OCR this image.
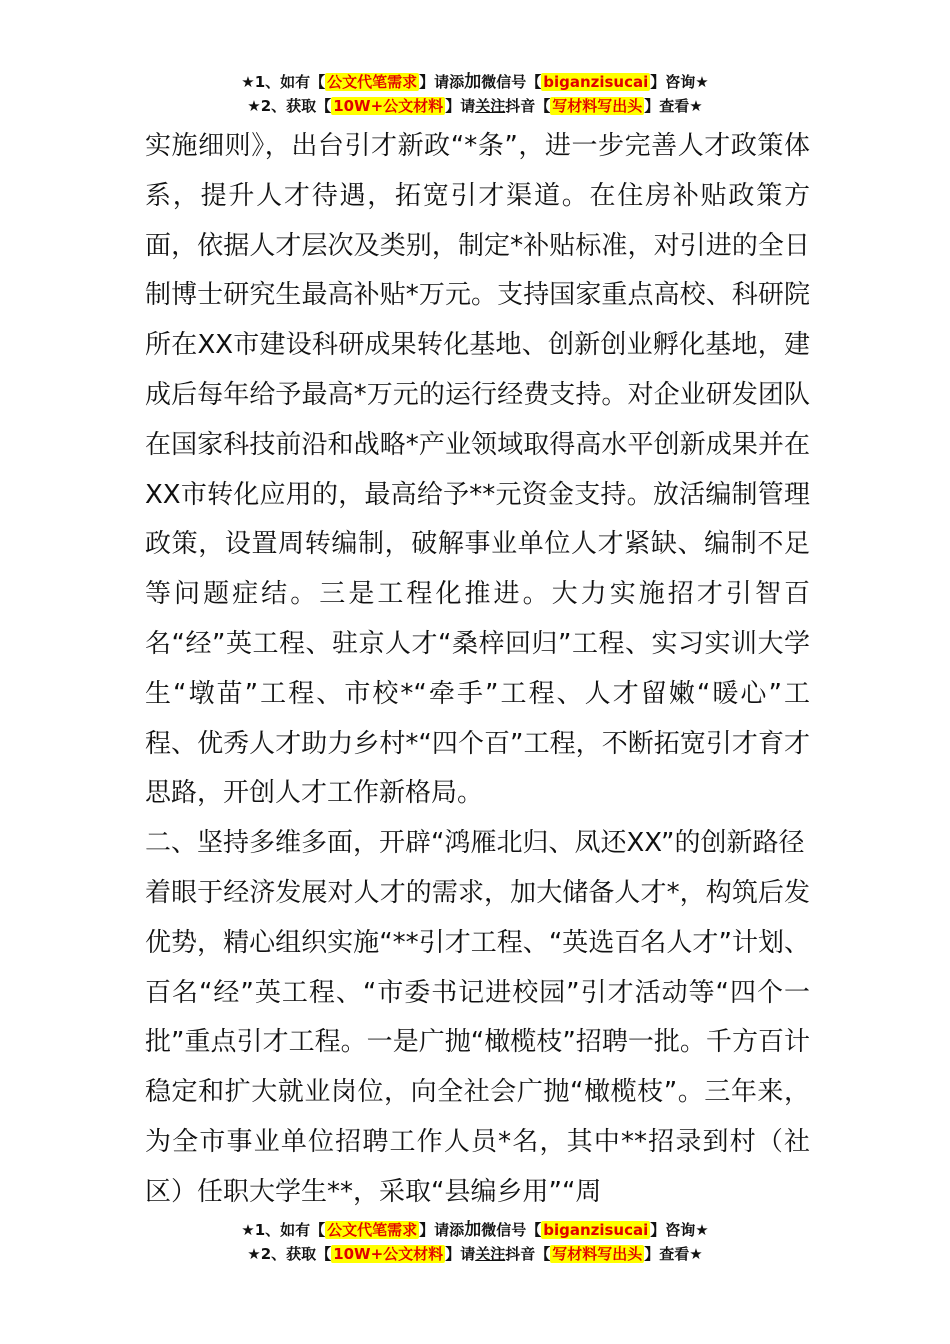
★1、如有【 公文代笔需求 】请添加微信号【 biganzisucai 】咨询★
★2、获取【 10W+公文材料 】请关注抖音【 写材料写出头 】查看★

实施细则》，出台引才新政“*条”，进一步完善人才政策体系，提升人才待遇，拓宽引才渠道。在住房补贴政策方面，依据人才层次及类别，制定*补贴标准，对引进的全日制博士研究生最高补贴*万元。支持国家重点高校、科研院所在XX市建设科研成果转化基地、创新创业孵化基地，建成后每年给予最高*万元的运行经费支持。对企业研发团队在国家科技前沿和战略*产业领域取得高水平创新成果并在XX市转化应用的，最高给予**元资金支持。放活编制管理政策，设置周转编制，破解事业单位人才紧缺、编制不足等问题症结。三是工程化推进。大力实施招才引智百名“经”英工程、驻京人才“桑梓回归”工程、实习实训大学生“墩苗”工程、市校*“牵手”工程、人才留嫩“暖心”工程、优秀人才助力乡村*“四个百”工程，不断拓宽引才育才思路，开创人才工作新格局。

二、坚持多维多面，开辟“鸿雁北归、凤还XX”的创新路径

着眼于经济发展对人才的需求，加大储备人才*，构筑后发优势，精心组织实施“**引才工程、“英选百名人才”计划、百名“经”英工程、“市委书记进校园”引才活动等“四个一批”重点引才工程。一是广抛“橄榄枝”招聘一批。千方百计稳定和扩大就业岗位，向全社会广抛“橄榄枝”。三年来，为全市事业单位招聘工作人员*名，其中**招录到村（社区）任职大学生**，采取“县编乡用”“周

★1、如有【 公文代笔需求 】请添加微信号【 biganzisucai 】咨询★
★2、获取【 10W+公文材料 】请关注抖音【 写材料写出头 】查看★
